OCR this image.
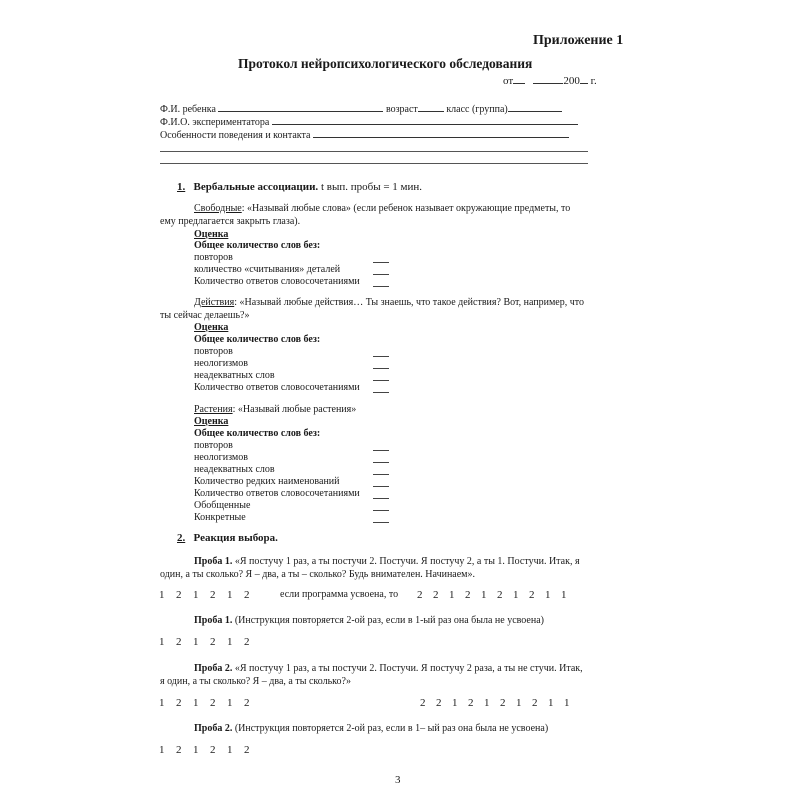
Приложение 1
Протокол нейропсихологического обследования
от	200 г.
Ф.И. ребенка	возраст	класс (группа)
Ф.И.О. экспериментатора
Особенности поведения и контакта
1. Вербальные ассоциации. t вып. пробы = 1 мин.
Свободные: «Называй любые слова» (если ребенок называет окружающие предметы, то
ему предлагается закрыть глаза).
Оценка
Общее количество слов без:
повторов
количество «считывания» деталей
Количество ответов словосочетаниями
Действия: «Называй любые действия… Ты знаешь, что такое действия? Вот, например, что
ты сейчас делаешь?»
Оценка
Общее количество слов без:
повторов
неологизмов
неадекватных слов
Количество ответов словосочетаниями
Растения: «Называй любые растения»
Оценка
Общее количество слов без:
повторов
неологизмов
неадекватных слов
Количество редких наименований
Количество ответов словосочетаниями
Обобщенные
Конкретные
2. Реакция выбора.
Проба 1. «Я постучу 1 раз, а ты постучи 2. Постучи. Я постучу 2, а ты 1. Постучи. Итак, я
один, а ты сколько? Я – два, а ты – сколько? Будь внимателен. Начинаем».
1 2 1 2 1 2	если программа усвоена, то 2 2 1 2 1 2 1 2 1 1
Проба 1. (Инструкция повторяется 2-ой раз, если в 1-ый раз она была не усвоена)
1 2 1 2 1 2
Проба 2. «Я постучу 1 раз, а ты постучи 2. Постучи. Я постучу 2 раза, а ты не стучи. Итак,
я один, а ты сколько? Я – два, а ты сколько?»
1 2 1 2 1 2	2 2 1 2 1 2 1 2 1 1
Проба 2. (Инструкция повторяется 2-ой раз, если в 1– ый раз она была не усвоена)
1 2 1 2 1 2
3
